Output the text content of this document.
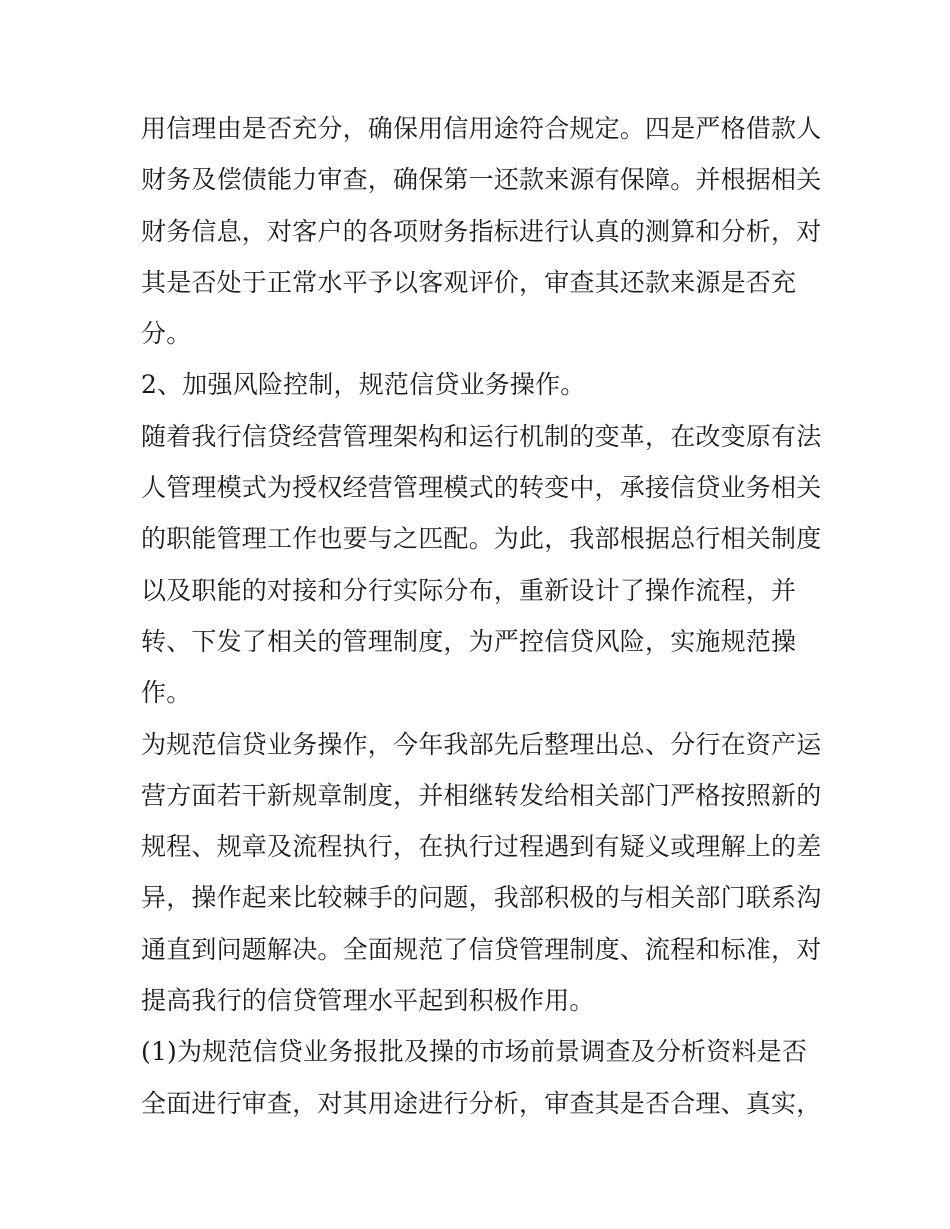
用信理由是否充分，确保用信用途符合规定。四是严格借款人
财务及偿债能力审查，确保第一还款来源有保障。并根据相关
财务信息，对客户的各项财务指标进行认真的测算和分析，对
其是否处于正常水平予以客观评价，审查其还款来源是否充
分。
2、加强风险控制，规范信贷业务操作。
随着我行信贷经营管理架构和运行机制的变革，在改变原有法
人管理模式为授权经营管理模式的转变中，承接信贷业务相关
的职能管理工作也要与之匹配。为此，我部根据总行相关制度
以及职能的对接和分行实际分布，重新设计了操作流程，并
转、下发了相关的管理制度，为严控信贷风险，实施规范操
作。
为规范信贷业务操作，今年我部先后整理出总、分行在资产运
营方面若干新规章制度，并相继转发给相关部门严格按照新的
规程、规章及流程执行，在执行过程遇到有疑义或理解上的差
异，操作起来比较棘手的问题，我部积极的与相关部门联系沟
通直到问题解决。全面规范了信贷管理制度、流程和标准，对
提高我行的信贷管理水平起到积极作用。
(1)为规范信贷业务报批及操的市场前景调查及分析资料是否
全面进行审查，对其用途进行分析，审查其是否合理、真实，
